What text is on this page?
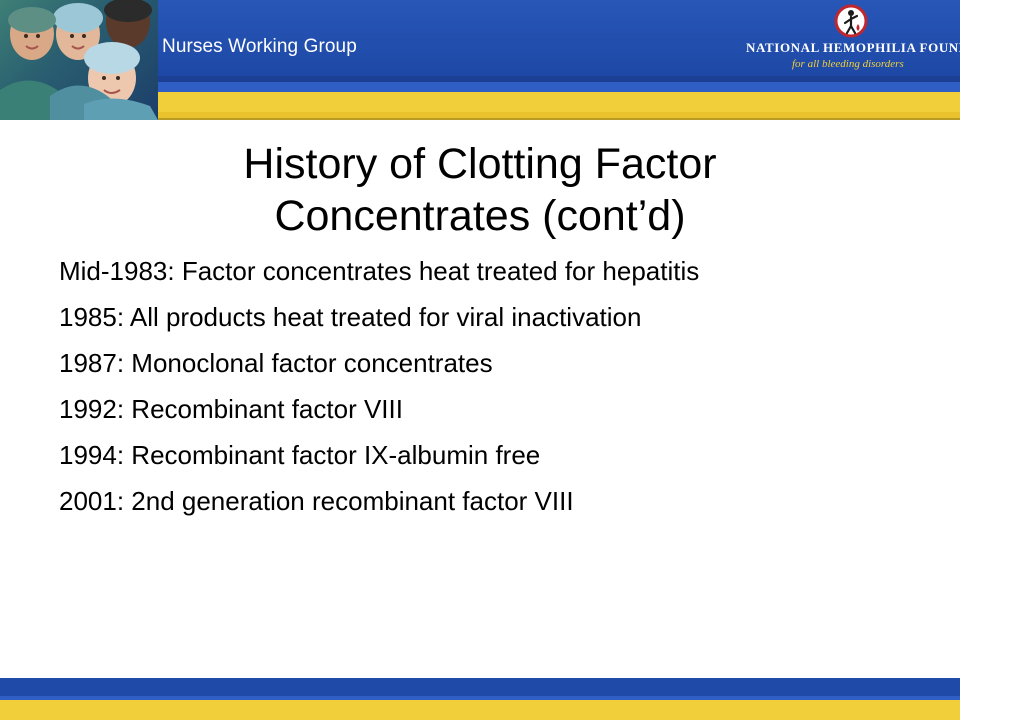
Nurses Working Group	NATIONAL HEMOPHILIA FOUNDATION
for all bleeding disorders
History of Clotting Factor
Concentrates (cont’d)
Mid-1983: Factor concentrates heat treated for hepatitis
1985: All products heat treated for viral inactivation
1987: Monoclonal factor concentrates
1992: Recombinant factor VIII
1994: Recombinant factor IX-albumin free
2001: 2nd generation recombinant factor VIII
